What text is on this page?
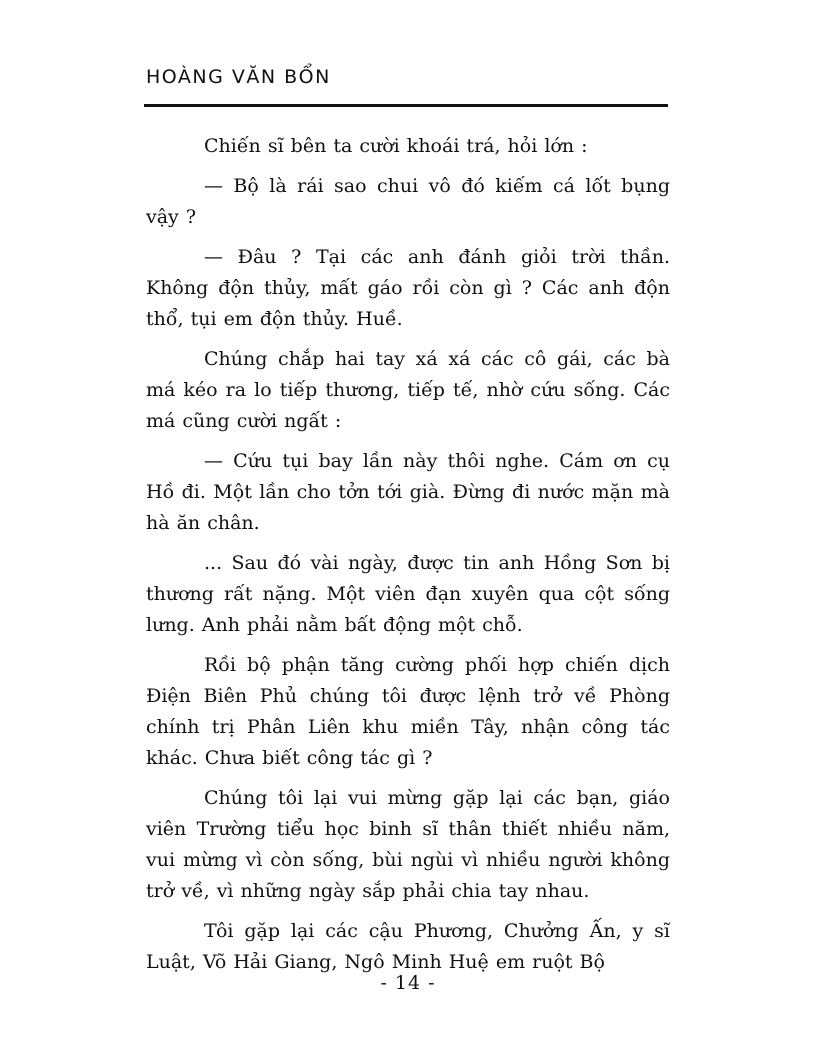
HOÀNG VĂN BỔN

Chiến sĩ bên ta cười khoái trá, hỏi lớn :

— Bộ là rái sao chui vô đó kiếm cá lốt bụng vậy ?

— Đâu ? Tại các anh đánh giỏi trời thần. Không độn thủy, mất gáo rồi còn gì ? Các anh độn thổ, tụi em độn thủy. Huề.

Chúng chắp hai tay xá xá các cô gái, các bà má kéo ra lo tiếp thương, tiếp tế, nhờ cứu sống. Các má cũng cười ngất :

— Cứu tụi bay lần này thôi nghe. Cám ơn cụ Hồ đi. Một lần cho tởn tới già. Đừng đi nước mặn mà hà ăn chân.

... Sau đó vài ngày, được tin anh Hồng Sơn bị thương rất nặng. Một viên đạn xuyên qua cột sống lưng. Anh phải nằm bất động một chỗ.

Rồi bộ phận tăng cường phối hợp chiến dịch Điện Biên Phủ chúng tôi được lệnh trở về Phòng chính trị Phân Liên khu miền Tây, nhận công tác khác. Chưa biết công tác gì ?

Chúng tôi lại vui mừng gặp lại các bạn, giáo viên Trường tiểu học binh sĩ thân thiết nhiều năm, vui mừng vì còn sống, bùi ngùi vì nhiều người không trở về, vì những ngày sắp phải chia tay nhau.

Tôi gặp lại các cậu Phương, Chưởng Ấn, y sĩ Luật, Võ Hải Giang, Ngô Minh Huệ em ruột Bộ

- 14 -
